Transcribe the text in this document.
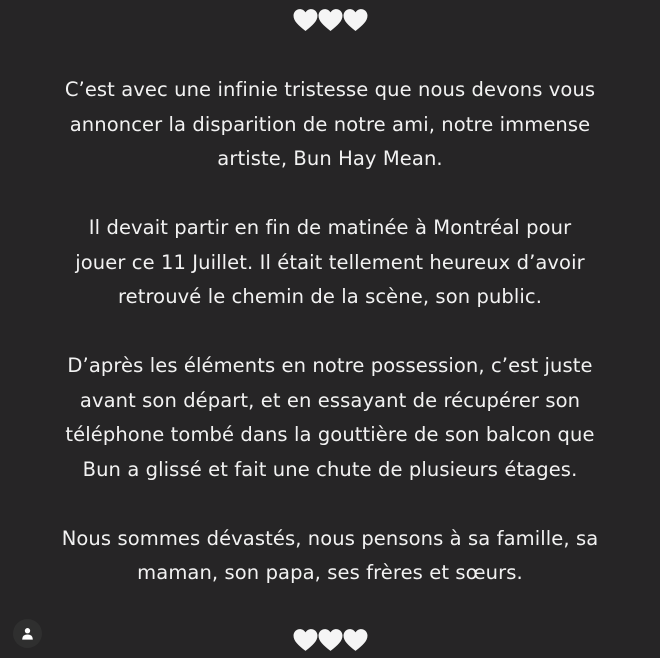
C’est avec une infinie tristesse que nous devons vous
annoncer la disparition de notre ami, notre immense
artiste, Bun Hay Mean.

Il devait partir en fin de matinée à Montréal pour
jouer ce 11 Juillet. Il était tellement heureux d’avoir
retrouvé le chemin de la scène, son public.

D’après les éléments en notre possession, c’est juste
avant son départ, et en essayant de récupérer son
téléphone tombé dans la gouttière de son balcon que
Bun a glissé et fait une chute de plusieurs étages.

Nous sommes dévastés, nous pensons à sa famille, sa
maman, son papa, ses frères et sœurs.
